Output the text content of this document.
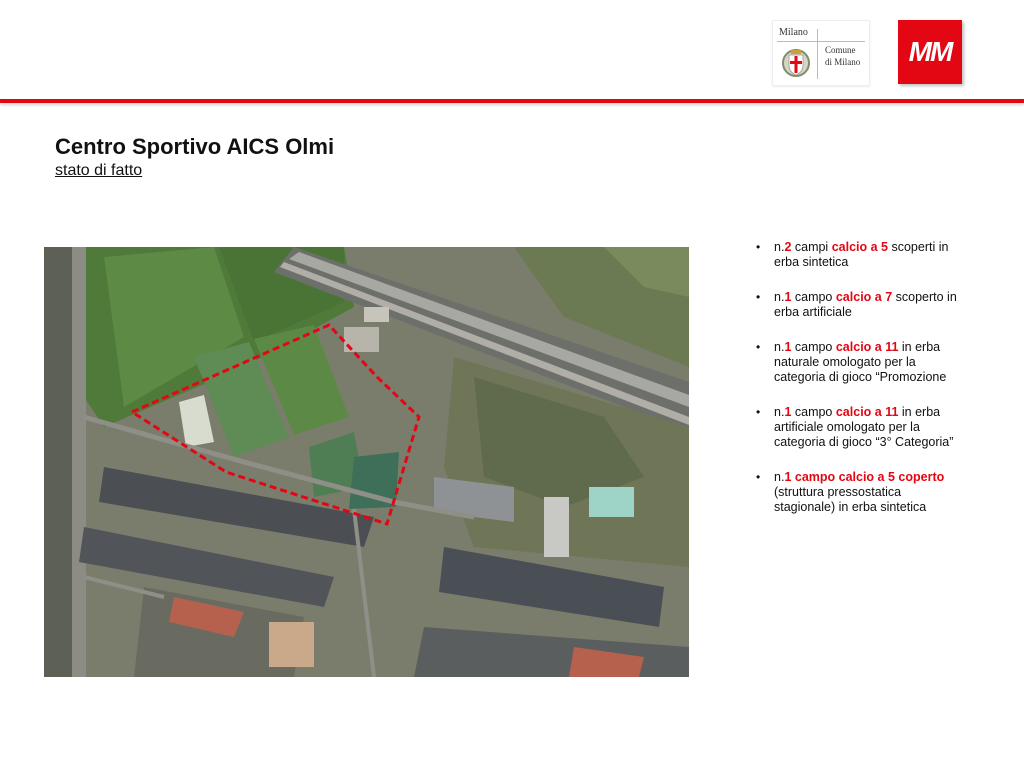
Milano
Comune
di Milano	MM
Centro Sportivo AICS Olmi

stato di fatto

• n.2 campi calcio a 5 scoperti in erba sintetica
• n.1 campo calcio a 7 scoperto in erba artificiale
• n.1 campo calcio a 11 in erba naturale omologato per la categoria di gioco “Promozione
• n.1 campo calcio a 11 in erba artificiale omologato per la categoria di gioco “3° Categoria”
• n.1 campo calcio a 5 coperto (struttura pressostatica stagionale) in erba sintetica
